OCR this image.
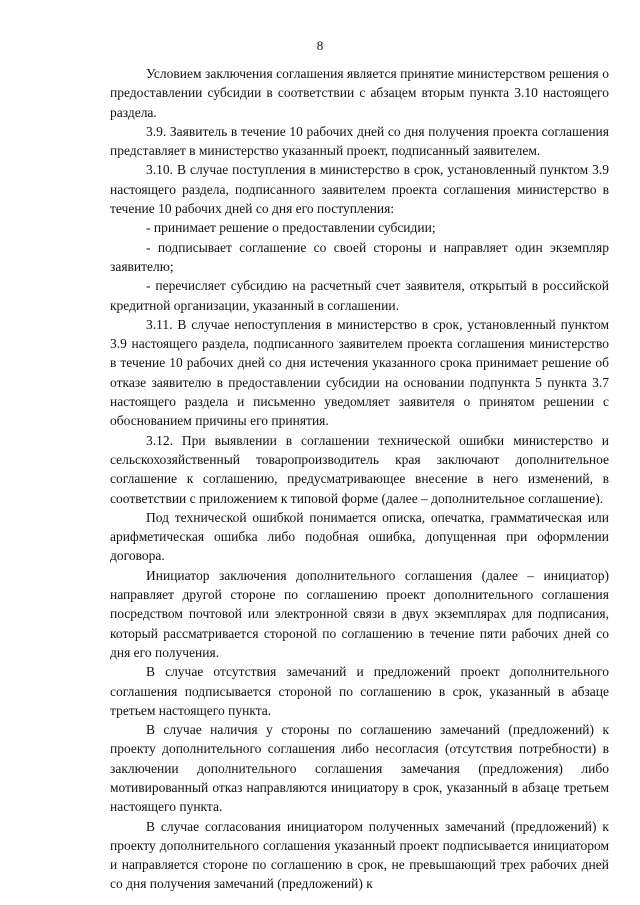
8

Условием заключения соглашения является принятие министерством решения о предоставлении субсидии в соответствии с абзацем вторым пункта 3.10 настоящего раздела.

3.9. Заявитель в течение 10 рабочих дней со дня получения проекта соглашения представляет в министерство указанный проект, подписанный заявителем.

3.10. В случае поступления в министерство в срок, установленный пунктом 3.9 настоящего раздела, подписанного заявителем проекта соглашения министерство в течение 10 рабочих дней со дня его поступления:

- принимает решение о предоставлении субсидии;

- подписывает соглашение со своей стороны и направляет один экземпляр заявителю;

- перечисляет субсидию на расчетный счет заявителя, открытый в российской кредитной организации, указанный в соглашении.

3.11. В случае непоступления в министерство в срок, установленный пунктом 3.9 настоящего раздела, подписанного заявителем проекта соглашения министерство в течение 10 рабочих дней со дня истечения указанного срока принимает решение об отказе заявителю в предоставлении субсидии на основании подпункта 5 пункта 3.7 настоящего раздела и письменно уведомляет заявителя о принятом решении с обоснованием причины его принятия.

3.12. При выявлении в соглашении технической ошибки министерство и сельскохозяйственный товаропроизводитель края заключают дополнительное соглашение к соглашению, предусматривающее внесение в него изменений, в соответствии с приложением к типовой форме (далее – дополнительное соглашение).

Под технической ошибкой понимается описка, опечатка, грамматическая или арифметическая ошибка либо подобная ошибка, допущенная при оформлении договора.

Инициатор заключения дополнительного соглашения (далее – инициатор) направляет другой стороне по соглашению проект дополнительного соглашения посредством почтовой или электронной связи в двух экземплярах для подписания, который рассматривается стороной по соглашению в течение пяти рабочих дней со дня его получения.

В случае отсутствия замечаний и предложений проект дополнительного соглашения подписывается стороной по соглашению в срок, указанный в абзаце третьем настоящего пункта.

В случае наличия у стороны по соглашению замечаний (предложений) к проекту дополнительного соглашения либо несогласия (отсутствия потребности) в заключении дополнительного соглашения замечания (предложения) либо мотивированный отказ направляются инициатору в срок, указанный в абзаце третьем настоящего пункта.

В случае согласования инициатором полученных замечаний (предложений) к проекту дополнительного соглашения указанный проект подписывается инициатором и направляется стороне по соглашению в срок, не превышающий трех рабочих дней со дня получения замечаний (предложений) к
